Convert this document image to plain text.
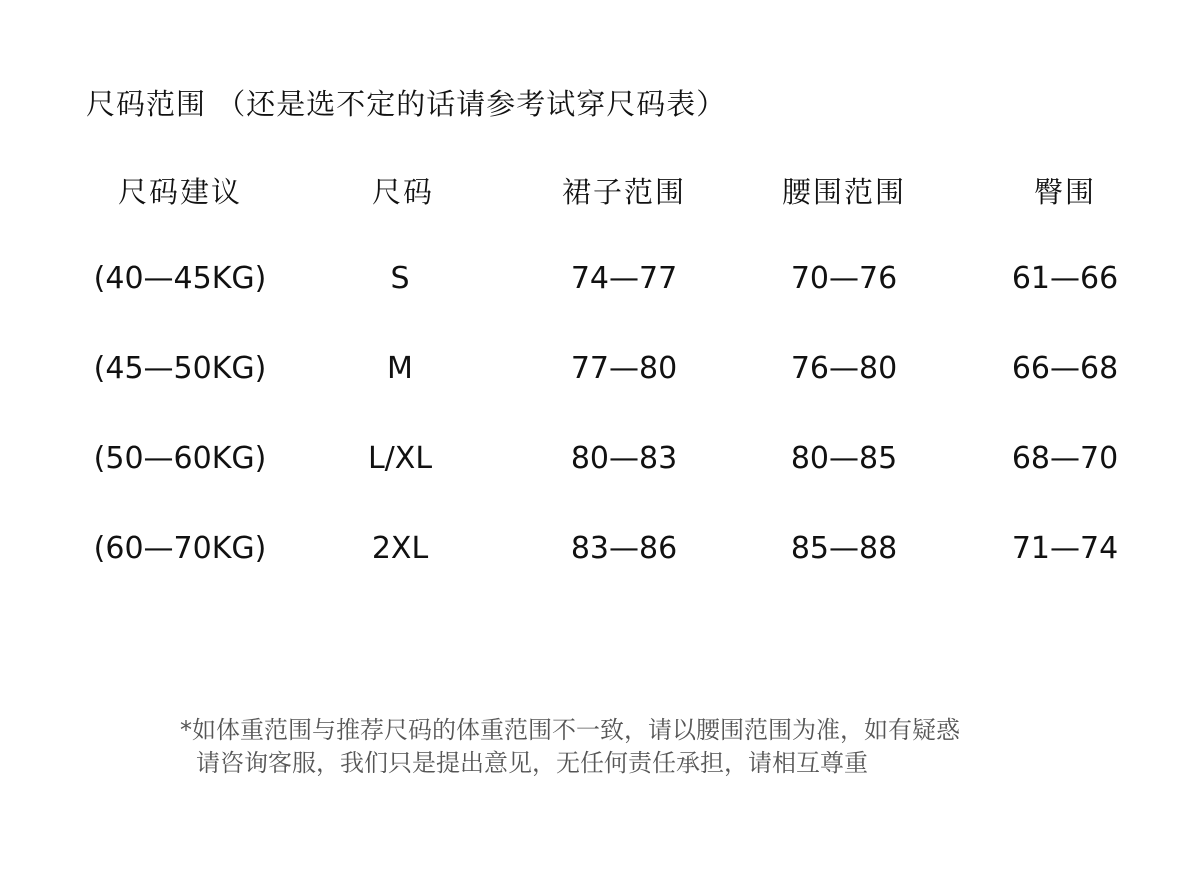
尺码范围 （还是选不定的话请参考试穿尺码表）
尺码建议	尺码	裙子范围	腰围范围	臀围
(40—45KG)	S	74—77	70—76	61—66
(45—50KG)	M	77—80	76—80	66—68
(50—60KG)	L/XL	80—83	80—85	68—70
(60—70KG)	2XL	83—86	85—88	71—74
*如体重范围与推荐尺码的体重范围不一致，请以腰围范围为准，如有疑惑
请咨询客服，我们只是提出意见，无任何责任承担，请相互尊重
